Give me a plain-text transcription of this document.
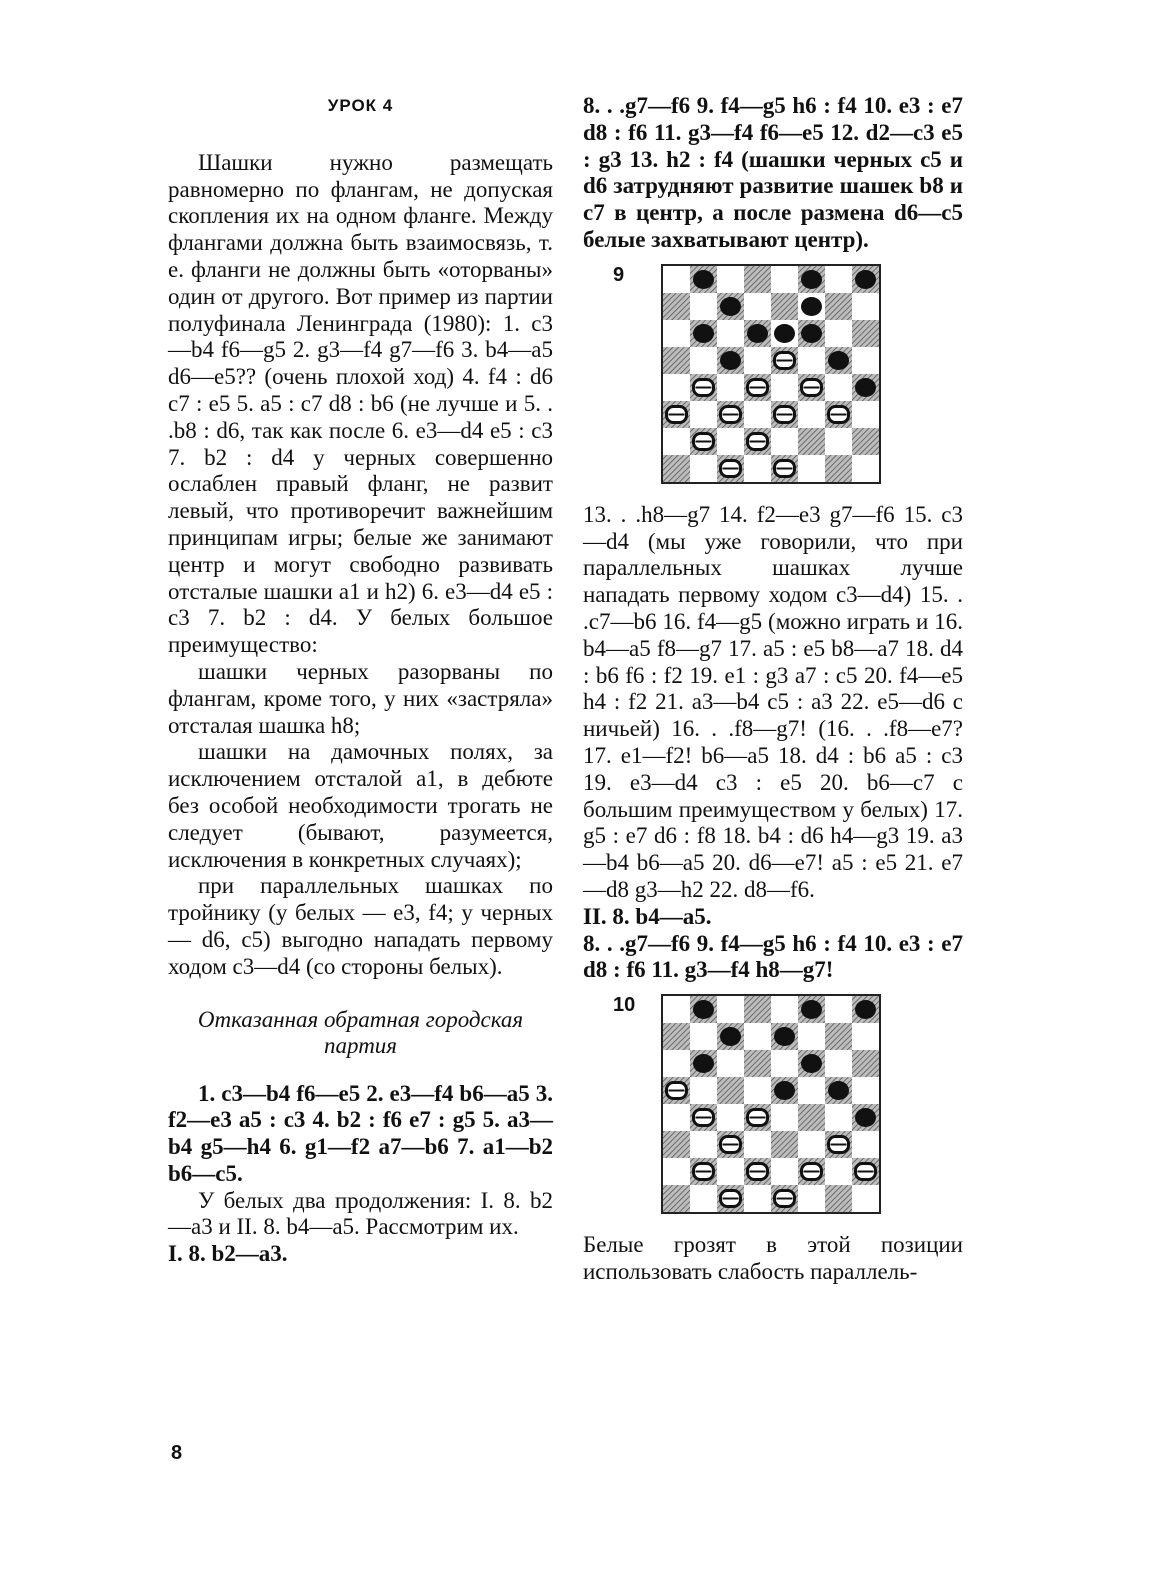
УРОК 4

Шашки нужно размещать равномерно по флангам, не допуская скопления их на одном фланге. Между флангами должна быть взаимосвязь, т. е. фланги не должны быть «оторваны» один от другого. Вот пример из партии полуфинала Ленинграда (1980): 1. c3—b4 f6—g5 2. g3—f4 g7—f6 3. b4—a5 d6—e5?? (очень плохой ход) 4. f4 : d6 c7 : e5 5. a5 : c7 d8 : b6 (не лучше и 5. . .b8 : d6, так как после 6. e3—d4 e5 : c3 7. b2 : d4 у черных совершенно ослаблен правый фланг, не развит левый, что противоречит важнейшим принципам игры; белые же занимают центр и могут свободно развивать отсталые шашки a1 и h2) 6. e3—d4 e5 : c3 7. b2 : d4. У белых большое преимущество:

шашки черных разорваны по флангам, кроме того, у них «застряла» отсталая шашка h8;

шашки на дамочных полях, за исключением отсталой a1, в дебюте без особой необходимости трогать не следует (бывают, разумеется, исключения в конкретных случаях);

при параллельных шашках по тройнику (у белых — e3, f4; у черных — d6, c5) выгодно нападать первому ходом c3—d4 (со стороны белых).

Отказанная обратная городская партия

1. c3—b4 f6—e5 2. e3—f4 b6—a5 3. f2—e3 a5 : c3 4. b2 : f6 e7 : g5 5. a3—b4 g5—h4 6. g1—f2 a7—b6 7. a1—b2 b6—c5.

У белых два продолжения: I. 8. b2—a3 и II. 8. b4—a5. Рассмотрим их.

I. 8. b2—a3.

8. . .g7—f6 9. f4—g5 h6 : f4 10. e3 : e7 d8 : f6 11. g3—f4 f6—e5 12. d2—c3 e5 : g3 13. h2 : f4 (шашки черных c5 и d6 затрудняют развитие шашек b8 и c7 в центр, а после размена d6—c5 белые захватывают центр).

9

13. . .h8—g7 14. f2—e3 g7—f6 15. c3—d4 (мы уже говорили, что при параллельных шашках лучше нападать первому ходом c3—d4) 15. . .c7—b6 16. f4—g5 (можно играть и 16. b4—a5 f8—g7 17. a5 : e5 b8—a7 18. d4 : b6 f6 : f2 19. e1 : g3 a7 : c5 20. f4—e5 h4 : f2 21. a3—b4 c5 : a3 22. e5—d6 с ничьей) 16. . .f8—g7! (16. . .f8—e7? 17. e1—f2! b6—a5 18. d4 : b6 a5 : c3 19. e3—d4 c3 : e5 20. b6—c7 с большим преимуществом у белых) 17. g5 : e7 d6 : f8 18. b4 : d6 h4—g3 19. a3—b4 b6—a5 20. d6—e7! a5 : e5 21. e7—d8 g3—h2 22. d8—f6.

II. 8. b4—a5.

8. . .g7—f6 9. f4—g5 h6 : f4 10. e3 : e7 d8 : f6 11. g3—f4 h8—g7!

10

Белые грозят в этой позиции использовать слабость параллель-

8
